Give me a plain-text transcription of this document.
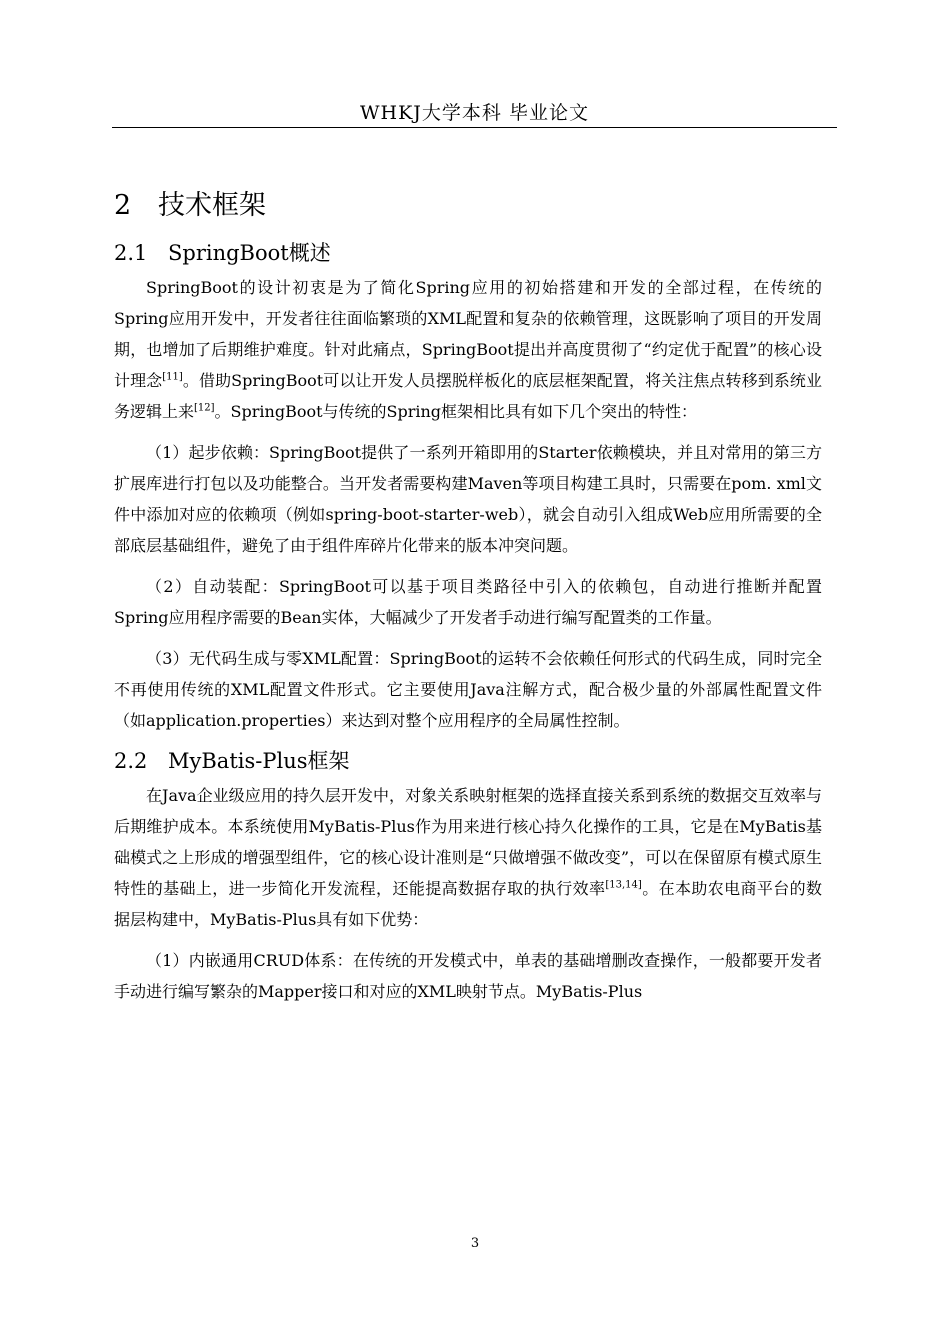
WHKJ大学本科 毕业论文
2 技术框架
2.1 SpringBoot概述

SpringBoot的设计初衷是为了简化Spring应用的初始搭建和开发的全部过程，在传统的Spring应用开发中，开发者往往面临繁琐的XML配置和复杂的依赖管理，这既影响了项目的开发周期，也增加了后期维护难度。针对此痛点，SpringBoot提出并高度贯彻了“约定优于配置”的核心设计理念[11]。借助SpringBoot可以让开发人员摆脱样板化的底层框架配置，将关注焦点转移到系统业务逻辑上来[12]。SpringBoot与传统的Spring框架相比具有如下几个突出的特性：

（1）起步依赖：SpringBoot提供了一系列开箱即用的Starter依赖模块，并且对常用的第三方扩展库进行打包以及功能整合。当开发者需要构建Maven等项目构建工具时，只需要在pom. xml文件中添加对应的依赖项（例如spring-boot-starter-web），就会自动引入组成Web应用所需要的全部底层基础组件，避免了由于组件库碎片化带来的版本冲突问题。

（2）自动装配：SpringBoot可以基于项目类路径中引入的依赖包，自动进行推断并配置Spring应用程序需要的Bean实体，大幅减少了开发者手动进行编写配置类的工作量。

（3）无代码生成与零XML配置：SpringBoot的运转不会依赖任何形式的代码生成，同时完全不再使用传统的XML配置文件形式。它主要使用Java注解方式，配合极少量的外部属性配置文件（如application.properties）来达到对整个应用程序的全局属性控制。

2.2 MyBatis-Plus框架

在Java企业级应用的持久层开发中，对象关系映射框架的选择直接关系到系统的数据交互效率与后期维护成本。本系统使用MyBatis-Plus作为用来进行核心持久化操作的工具，它是在MyBatis基础模式之上形成的增强型组件，它的核心设计准则是“只做增强不做改变”，可以在保留原有模式原生特性的基础上，进一步简化开发流程，还能提高数据存取的执行效率[13,14]。在本助农电商平台的数据层构建中，MyBatis-Plus具有如下优势：

（1）内嵌通用CRUD体系：在传统的开发模式中，单表的基础增删改查操作，一般都要开发者手动进行编写繁杂的Mapper接口和对应的XML映射节点。MyBatis-Plus

3
